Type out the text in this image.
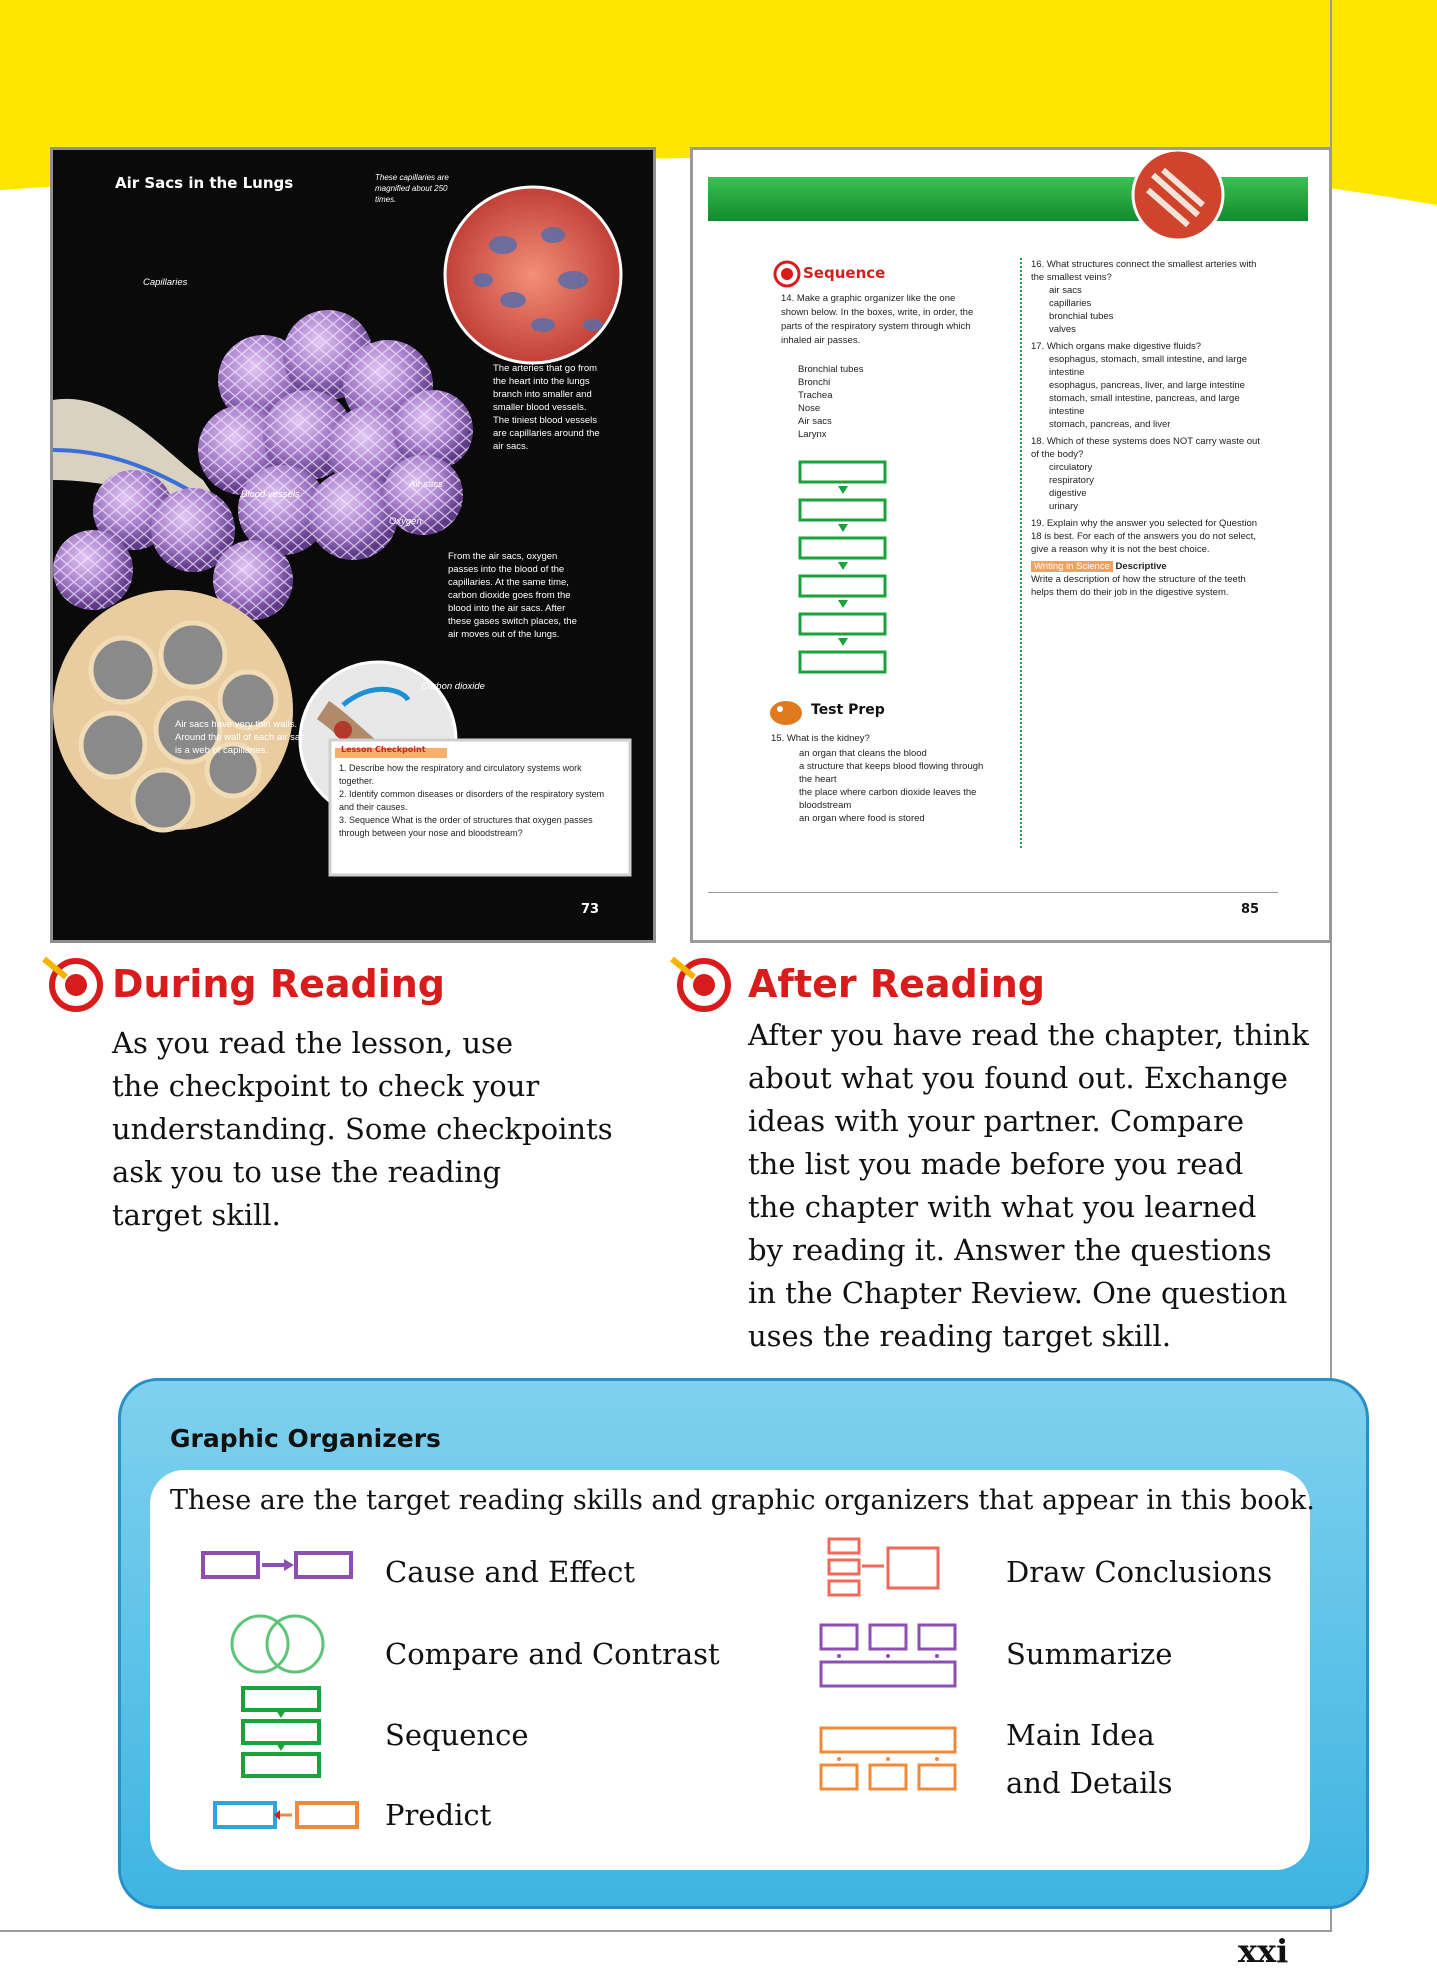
Air Sacs in the Lungs	These capillaries are magnified about 250 times.
Capillaries
Blood vessels
Air sacs
Oxygen
Carbon dioxide
The arteries that go from the heart into the lungs branch into smaller and smaller blood vessels. The tiniest blood vessels are capillaries around the air sacs.
From the air sacs, oxygen passes into the blood of the capillaries. At the same time, carbon dioxide goes from the blood into the air sacs. After these gases switch places, the air moves out of the lungs.
Air sacs have very thin walls. Around the wall of each air sac is a web of capillaries.	Lesson Checkpoint
1. Describe how the respiratory and circulatory systems work together.
2. Identify common diseases or disorders of the respiratory system and their causes.
3. Sequence What is the order of structures that oxygen passes through between your nose and bloodstream?
73
Sequence
14. Make a graphic organizer like the one shown below. In the boxes, write, in order, the parts of the respiratory system through which inhaled air passes.
Bronchial tubes
Bronchi
Trachea
Nose
Air sacs
Larynx
Test Prep
15. What is the kidney?
an organ that cleans the blood
a structure that keeps blood flowing through the heart
the place where carbon dioxide leaves the bloodstream
an organ where food is stored
16. What structures connect the smallest arteries with the smallest veins?
air sacs
capillaries
bronchial tubes
valves
17. Which organs make digestive fluids?
esophagus, stomach, small intestine, and large intestine
esophagus, pancreas, liver, and large intestine
stomach, small intestine, pancreas, and large intestine
stomach, pancreas, and liver
18. Which of these systems does NOT carry waste out of the body?
circulatory
respiratory
digestive
urinary
19. Explain why the answer you selected for Question 18 is best. For each of the answers you do not select, give a reason why it is not the best choice.
Writing in Science Descriptive
Write a description of how the structure of the teeth helps them do their job in the digestive system.
85
During Reading
As you read the lesson, use
the checkpoint to check your
understanding. Some checkpoints
ask you to use the reading
target skill.
After Reading
After you have read the chapter, think
about what you found out. Exchange
ideas with your partner. Compare
the list you made before you read
the chapter with what you learned
by reading it. Answer the questions
in the Chapter Review. One question
uses the reading target skill.
Graphic Organizers
These are the target reading skills and graphic organizers that appear in this book.
Cause and Effect
Compare and Contrast
Sequence
Predict
Draw Conclusions
Summarize
Main Idea
and Details
xxi
